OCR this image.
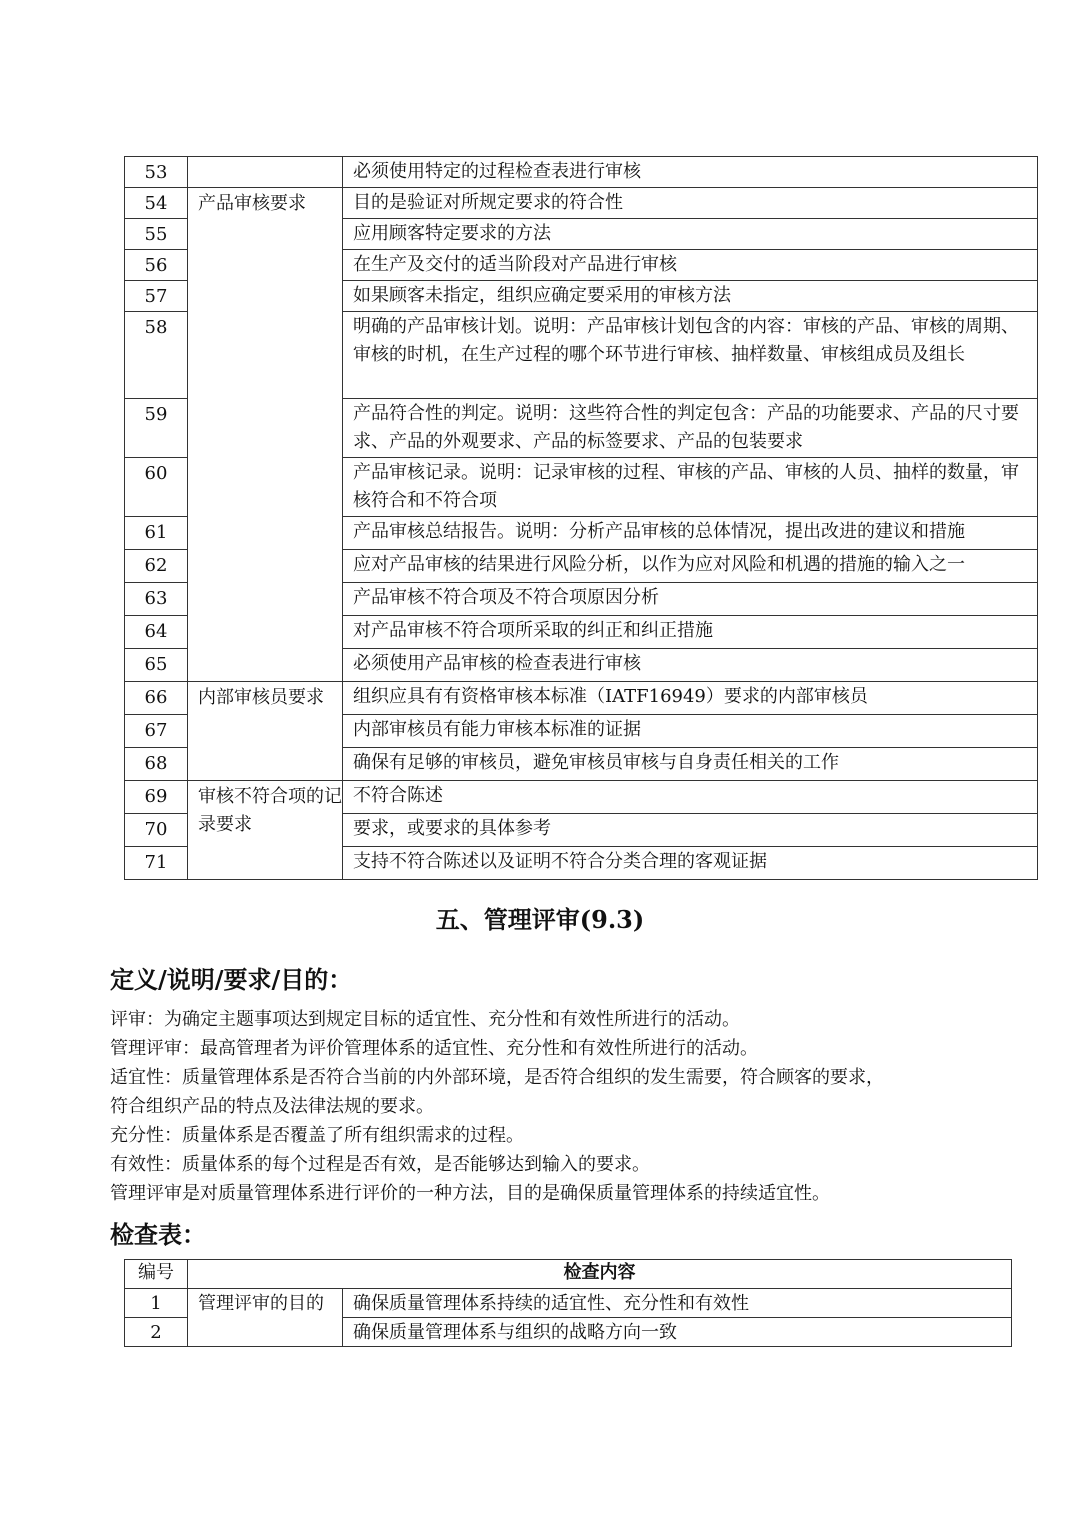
53		必须使用特定的过程检查表进行审核
54	产品审核要求	目的是验证对所规定要求的符合性
55		应用顾客特定要求的方法
56		在生产及交付的适当阶段对产品进行审核
57		如果顾客未指定，组织应确定要采用的审核方法
58		明确的产品审核计划。说明：产品审核计划包含的内容：审核的产品、审核的周期、审核的时机，在生产过程的哪个环节进行审核、抽样数量、审核组成员及组长
59		产品符合性的判定。说明：这些符合性的判定包含：产品的功能要求、产品的尺寸要求、产品的外观要求、产品的标签要求、产品的包装要求
60		产品审核记录。说明：记录审核的过程、审核的产品、审核的人员、抽样的数量，审核符合和不符合项
61		产品审核总结报告。说明：分析产品审核的总体情况，提出改进的建议和措施
62		应对产品审核的结果进行风险分析，以作为应对风险和机遇的措施的输入之一
63		产品审核不符合项及不符合项原因分析
64		对产品审核不符合项所采取的纠正和纠正措施
65		必须使用产品审核的检查表进行审核
66	内部审核员要求	组织应具有有资格审核本标准（IATF16949）要求的内部审核员
67		内部审核员有能力审核本标准的证据
68		确保有足够的审核员，避免审核员审核与自身责任相关的工作
69	审核不符合项的记录要求	不符合陈述
70		要求，或要求的具体参考
71		支持不符合陈述以及证明不符合分类合理的客观证据
五、管理评审(9.3)
定义/说明/要求/目的：
评审：为确定主题事项达到规定目标的适宜性、充分性和有效性所进行的活动。
管理评审：最高管理者为评价管理体系的适宜性、充分性和有效性所进行的活动。
适宜性：质量管理体系是否符合当前的内外部环境，是否符合组织的发生需要，符合顾客的要求，
符合组织产品的特点及法律法规的要求。
充分性：质量体系是否覆盖了所有组织需求的过程。
有效性：质量体系的每个过程是否有效，是否能够达到输入的要求。
管理评审是对质量管理体系进行评价的一种方法，目的是确保质量管理体系的持续适宜性。
检查表：
编号	检查内容	
1	管理评审的目的	确保质量管理体系持续的适宜性、充分性和有效性
2		确保质量管理体系与组织的战略方向一致
